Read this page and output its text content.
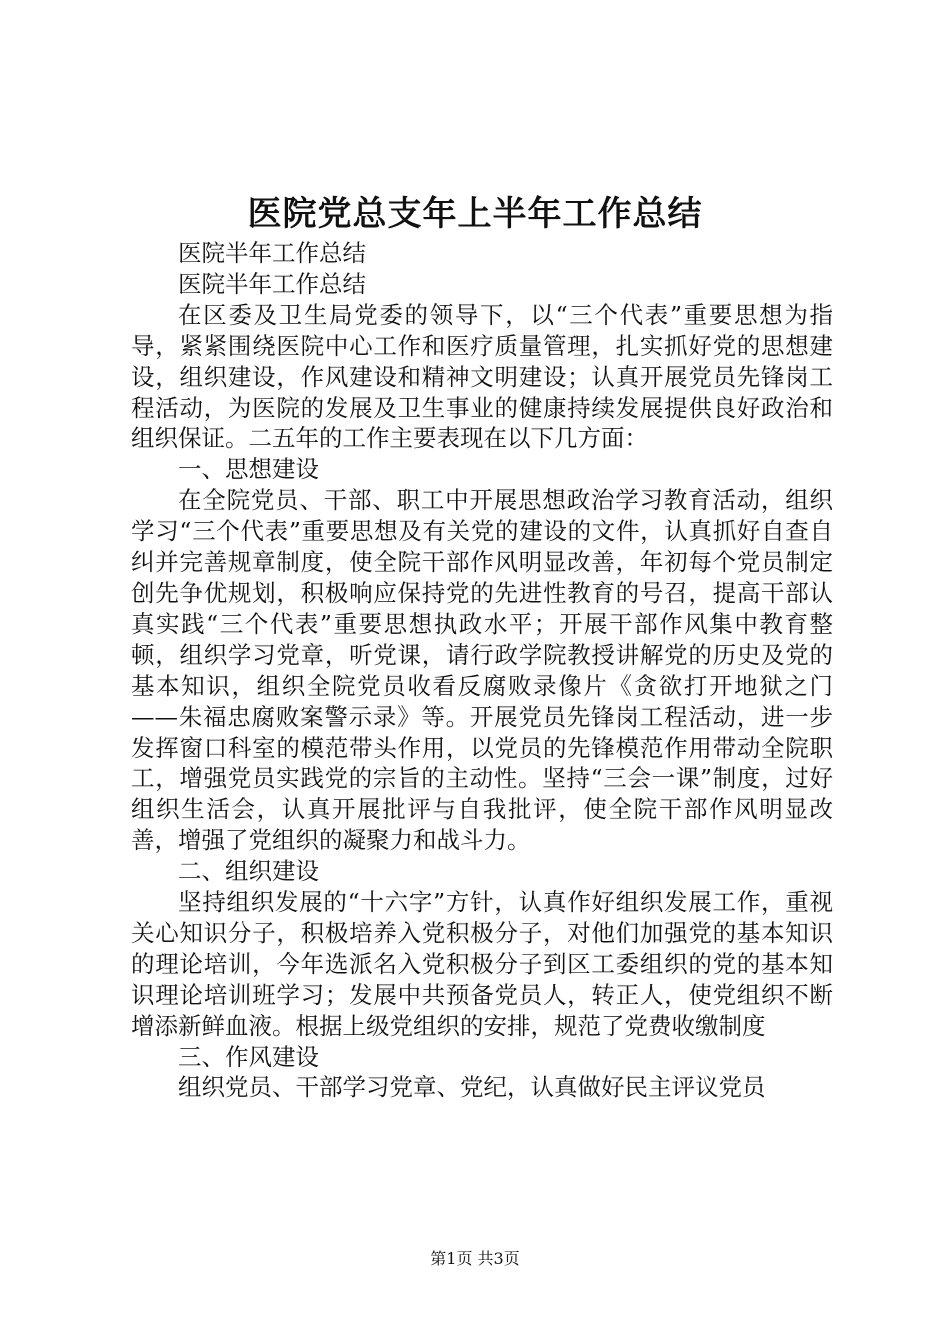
医院党总支年上半年工作总结

医院半年工作总结

医院半年工作总结

在区委及卫生局党委的领导下，以“三个代表”重要思想为指导，紧紧围绕医院中心工作和医疗质量管理，扎实抓好党的思想建设，组织建设，作风建设和精神文明建设；认真开展党员先锋岗工程活动，为医院的发展及卫生事业的健康持续发展提供良好政治和组织保证。二五年的工作主要表现在以下几方面：

一、思想建设

在全院党员、干部、职工中开展思想政治学习教育活动，组织学习“三个代表”重要思想及有关党的建设的文件，认真抓好自查自纠并完善规章制度，使全院干部作风明显改善，年初每个党员制定创先争优规划，积极响应保持党的先进性教育的号召，提高干部认真实践“三个代表”重要思想执政水平；开展干部作风集中教育整顿，组织学习党章，听党课，请行政学院教授讲解党的历史及党的基本知识，组织全院党员收看反腐败录像片《贪欲打开地狱之门——朱福忠腐败案警示录》等。开展党员先锋岗工程活动，进一步发挥窗口科室的模范带头作用，以党员的先锋模范作用带动全院职工，增强党员实践党的宗旨的主动性。坚持“三会一课”制度，过好组织生活会，认真开展批评与自我批评，使全院干部作风明显改善，增强了党组织的凝聚力和战斗力。

二、组织建设

坚持组织发展的“十六字”方针，认真作好组织发展工作，重视关心知识分子，积极培养入党积极分子，对他们加强党的基本知识的理论培训，今年选派名入党积极分子到区工委组织的党的基本知识理论培训班学习；发展中共预备党员人，转正人，使党组织不断增添新鲜血液。根据上级党组织的安排，规范了党费收缴制度

三、作风建设

组织党员、干部学习党章、党纪，认真做好民主评议党员

第1页 共3页
